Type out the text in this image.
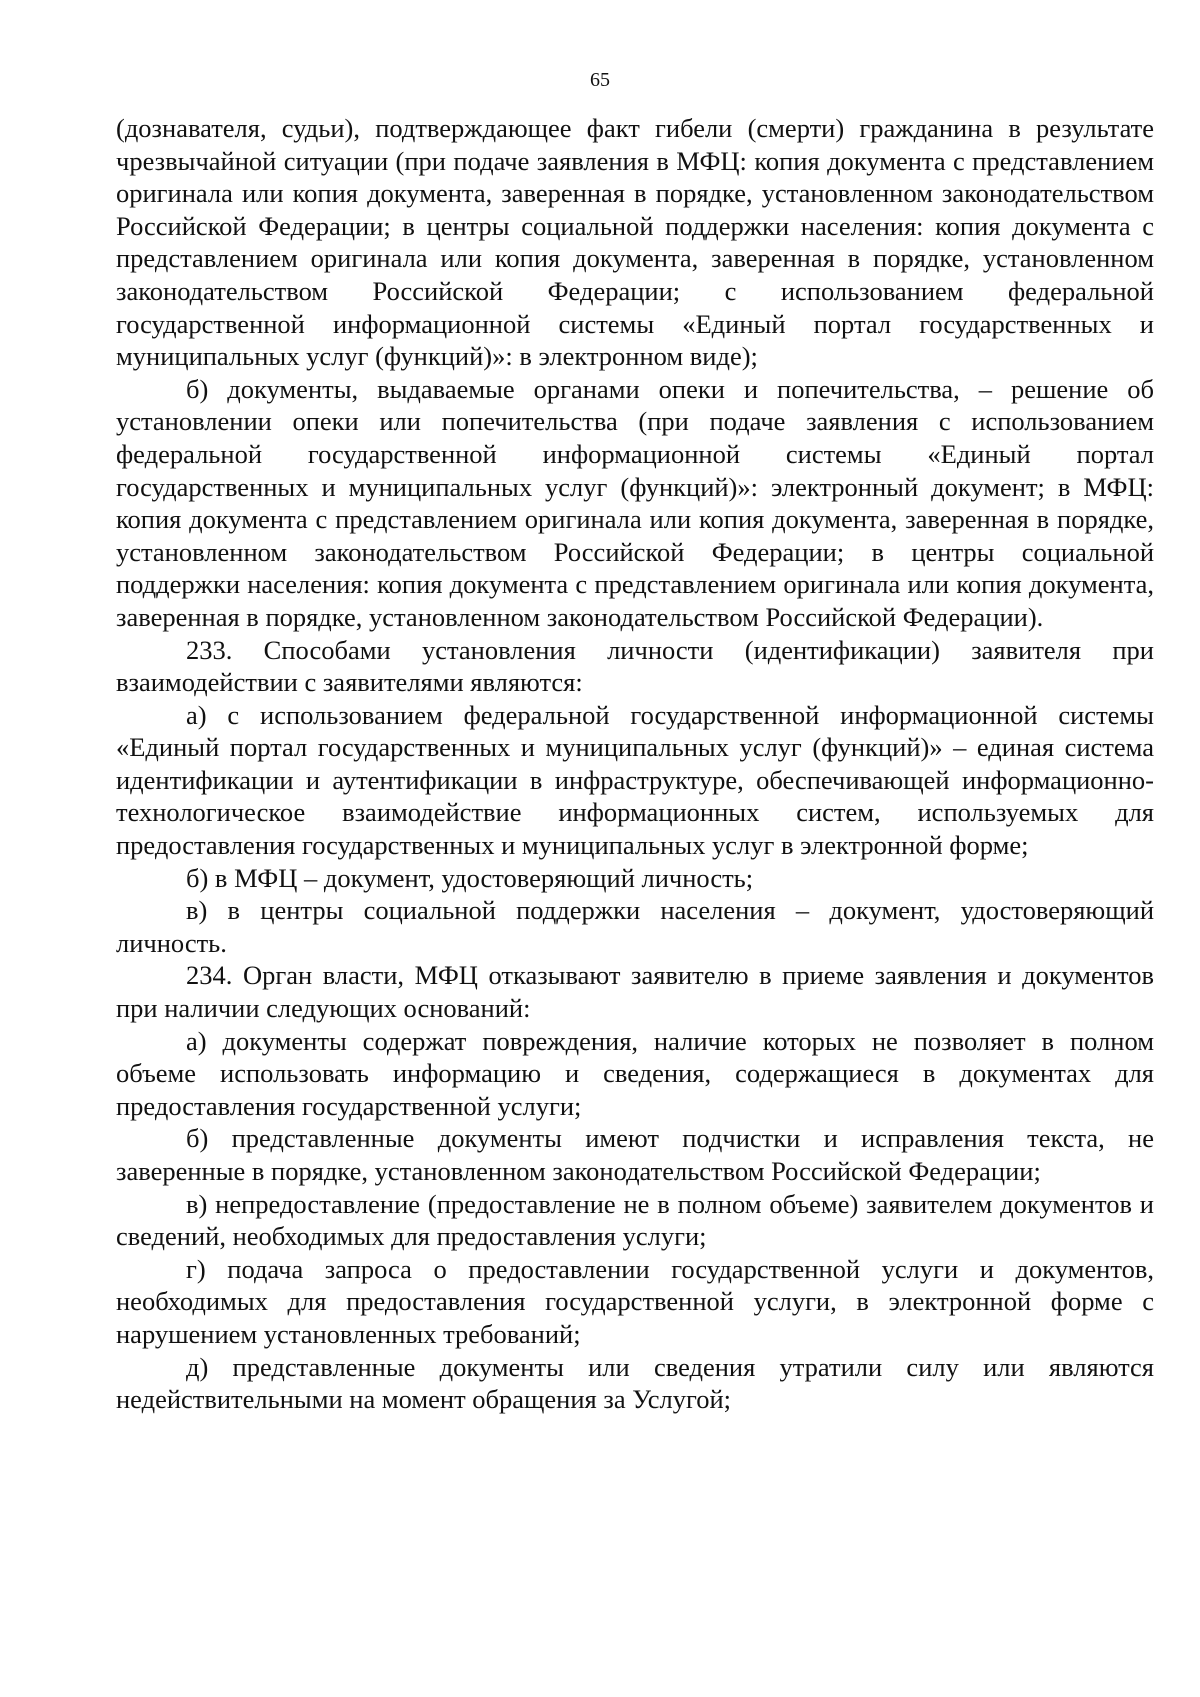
65

(дознавателя, судьи), подтверждающее факт гибели (смерти) гражданина в результате чрезвычайной ситуации (при подаче заявления в МФЦ: копия документа с представлением оригинала или копия документа, заверенная в порядке, установленном законодательством Российской Федерации; в центры социальной поддержки населения: копия документа с представлением оригинала или копия документа, заверенная в порядке, установленном законодательством Российской Федерации; с использованием федеральной государственной информационной системы «Единый портал государственных и муниципальных услуг (функций)»: в электронном виде);

б) документы, выдаваемые органами опеки и попечительства, – решение об установлении опеки или попечительства (при подаче заявления с использованием федеральной государственной информационной системы «Единый портал государственных и муниципальных услуг (функций)»: электронный документ; в МФЦ: копия документа с представлением оригинала или копия документа, заверенная в порядке, установленном законодательством Российской Федерации; в центры социальной поддержки населения: копия документа с представлением оригинала или копия документа, заверенная в порядке, установленном законодательством Российской Федерации).

233. Способами установления личности (идентификации) заявителя при взаимодействии с заявителями являются:

а) с использованием федеральной государственной информационной системы «Единый портал государственных и муниципальных услуг (функций)» – единая система идентификации и аутентификации в инфраструктуре, обеспечивающей информационно-технологическое взаимодействие информационных систем, используемых для предоставления государственных и муниципальных услуг в электронной форме;

б) в МФЦ – документ, удостоверяющий личность;

в) в центры социальной поддержки населения – документ, удостоверяющий личность.

234. Орган власти, МФЦ отказывают заявителю в приеме заявления и документов при наличии следующих оснований:

а) документы содержат повреждения, наличие которых не позволяет в полном объеме использовать информацию и сведения, содержащиеся в документах для предоставления государственной услуги;

б) представленные документы имеют подчистки и исправления текста, не заверенные в порядке, установленном законодательством Российской Федерации;

в) непредоставление (предоставление не в полном объеме) заявителем документов и сведений, необходимых для предоставления услуги;

г) подача запроса о предоставлении государственной услуги и документов, необходимых для предоставления государственной услуги, в электронной форме с нарушением установленных требований;

д) представленные документы или сведения утратили силу или являются недействительными на момент обращения за Услугой;
